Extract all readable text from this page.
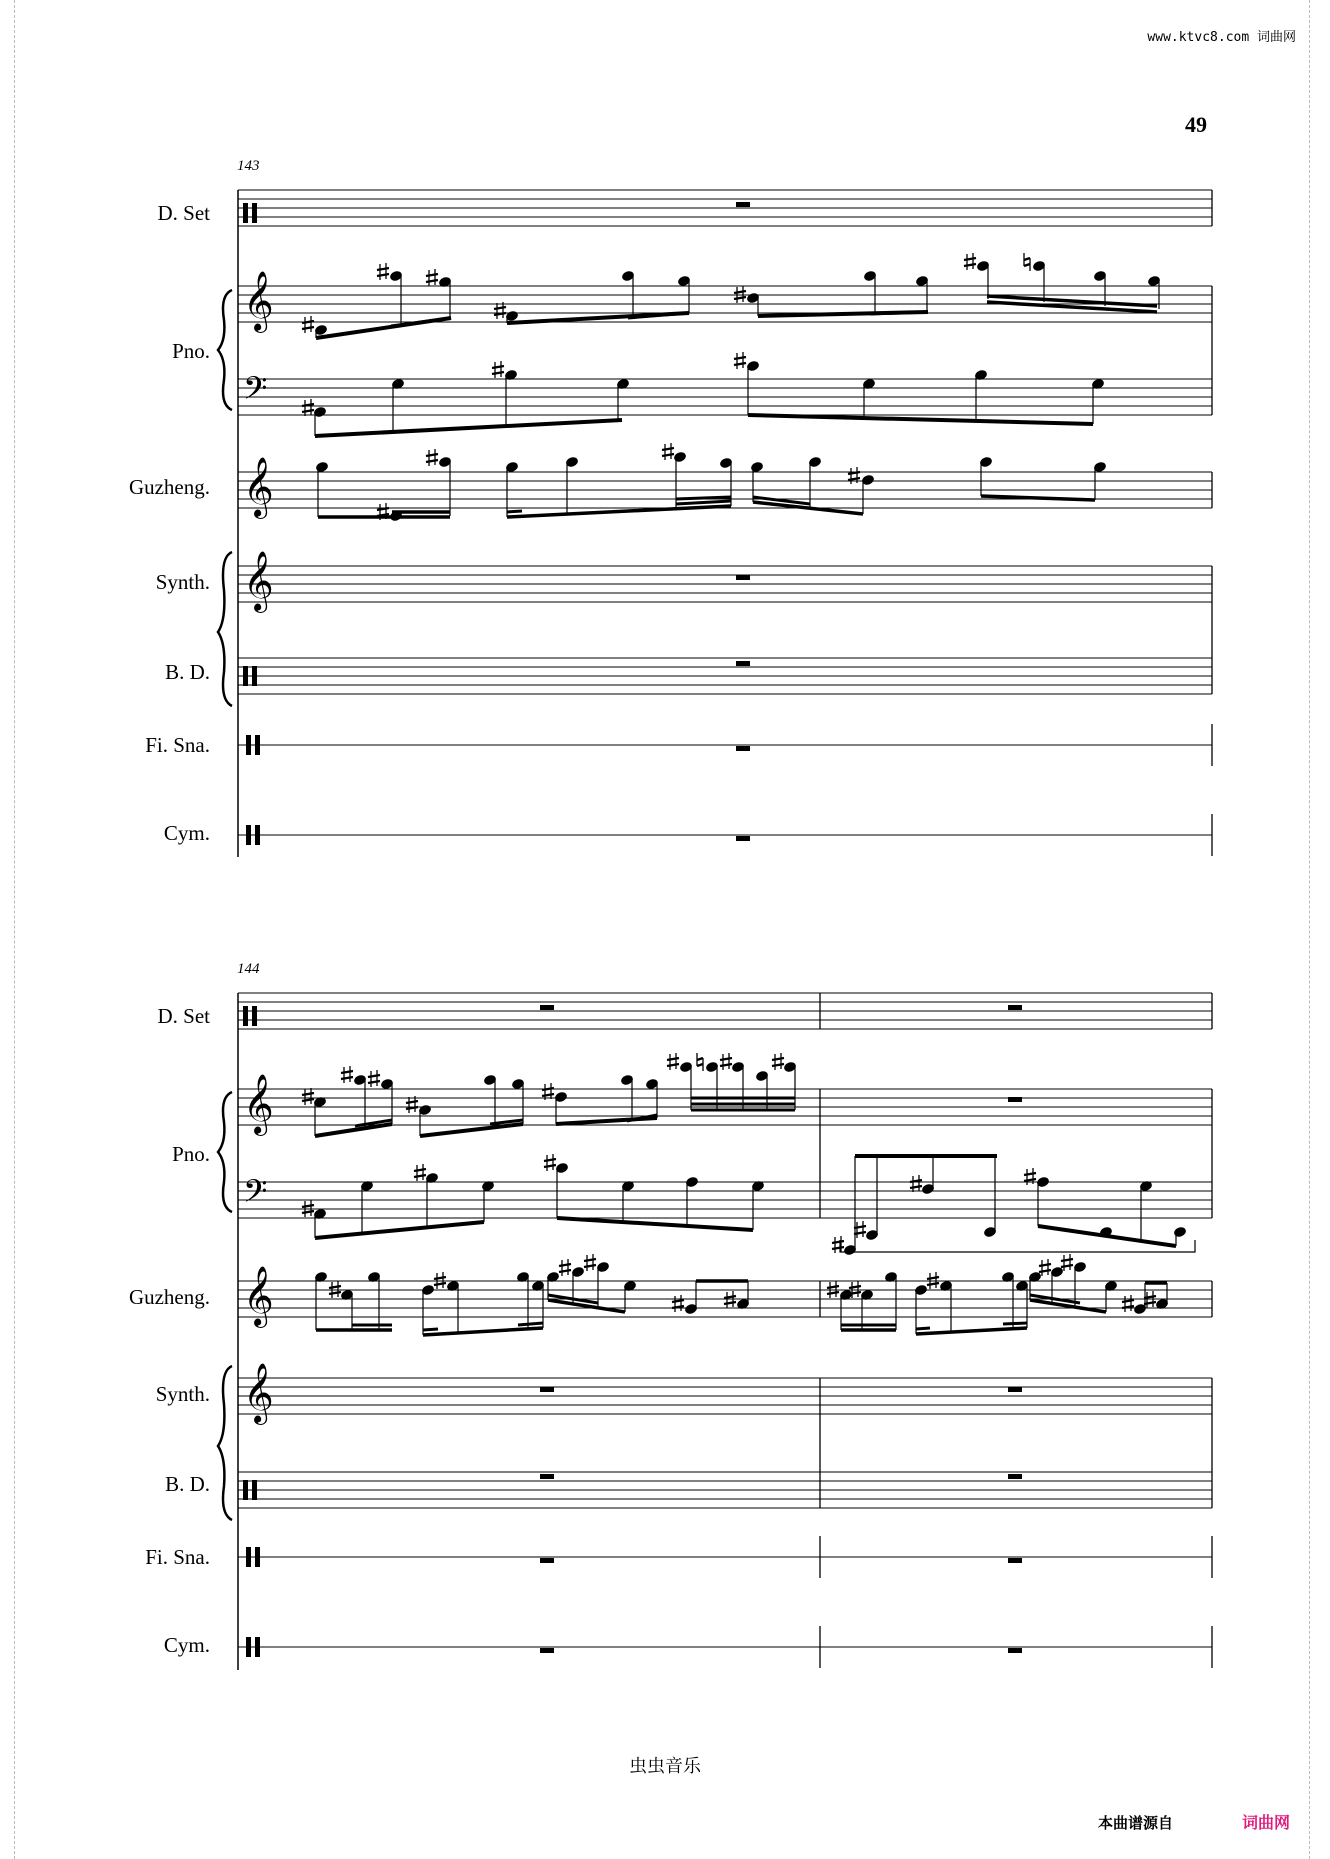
www.ktvc8.com 词曲网
49
143
D. Set
Pno.
𝄞
𝄢
Guzheng. 𝄞
Synth. 𝄞
B. D.
Fi. Sna.
Cym.
144
D. Set
Pno.
𝄞
𝄢
Guzheng. 𝄞
Synth. 𝄞
B. D.
Fi. Sna.
Cym.
虫虫音乐
本曲谱源自	词曲网
